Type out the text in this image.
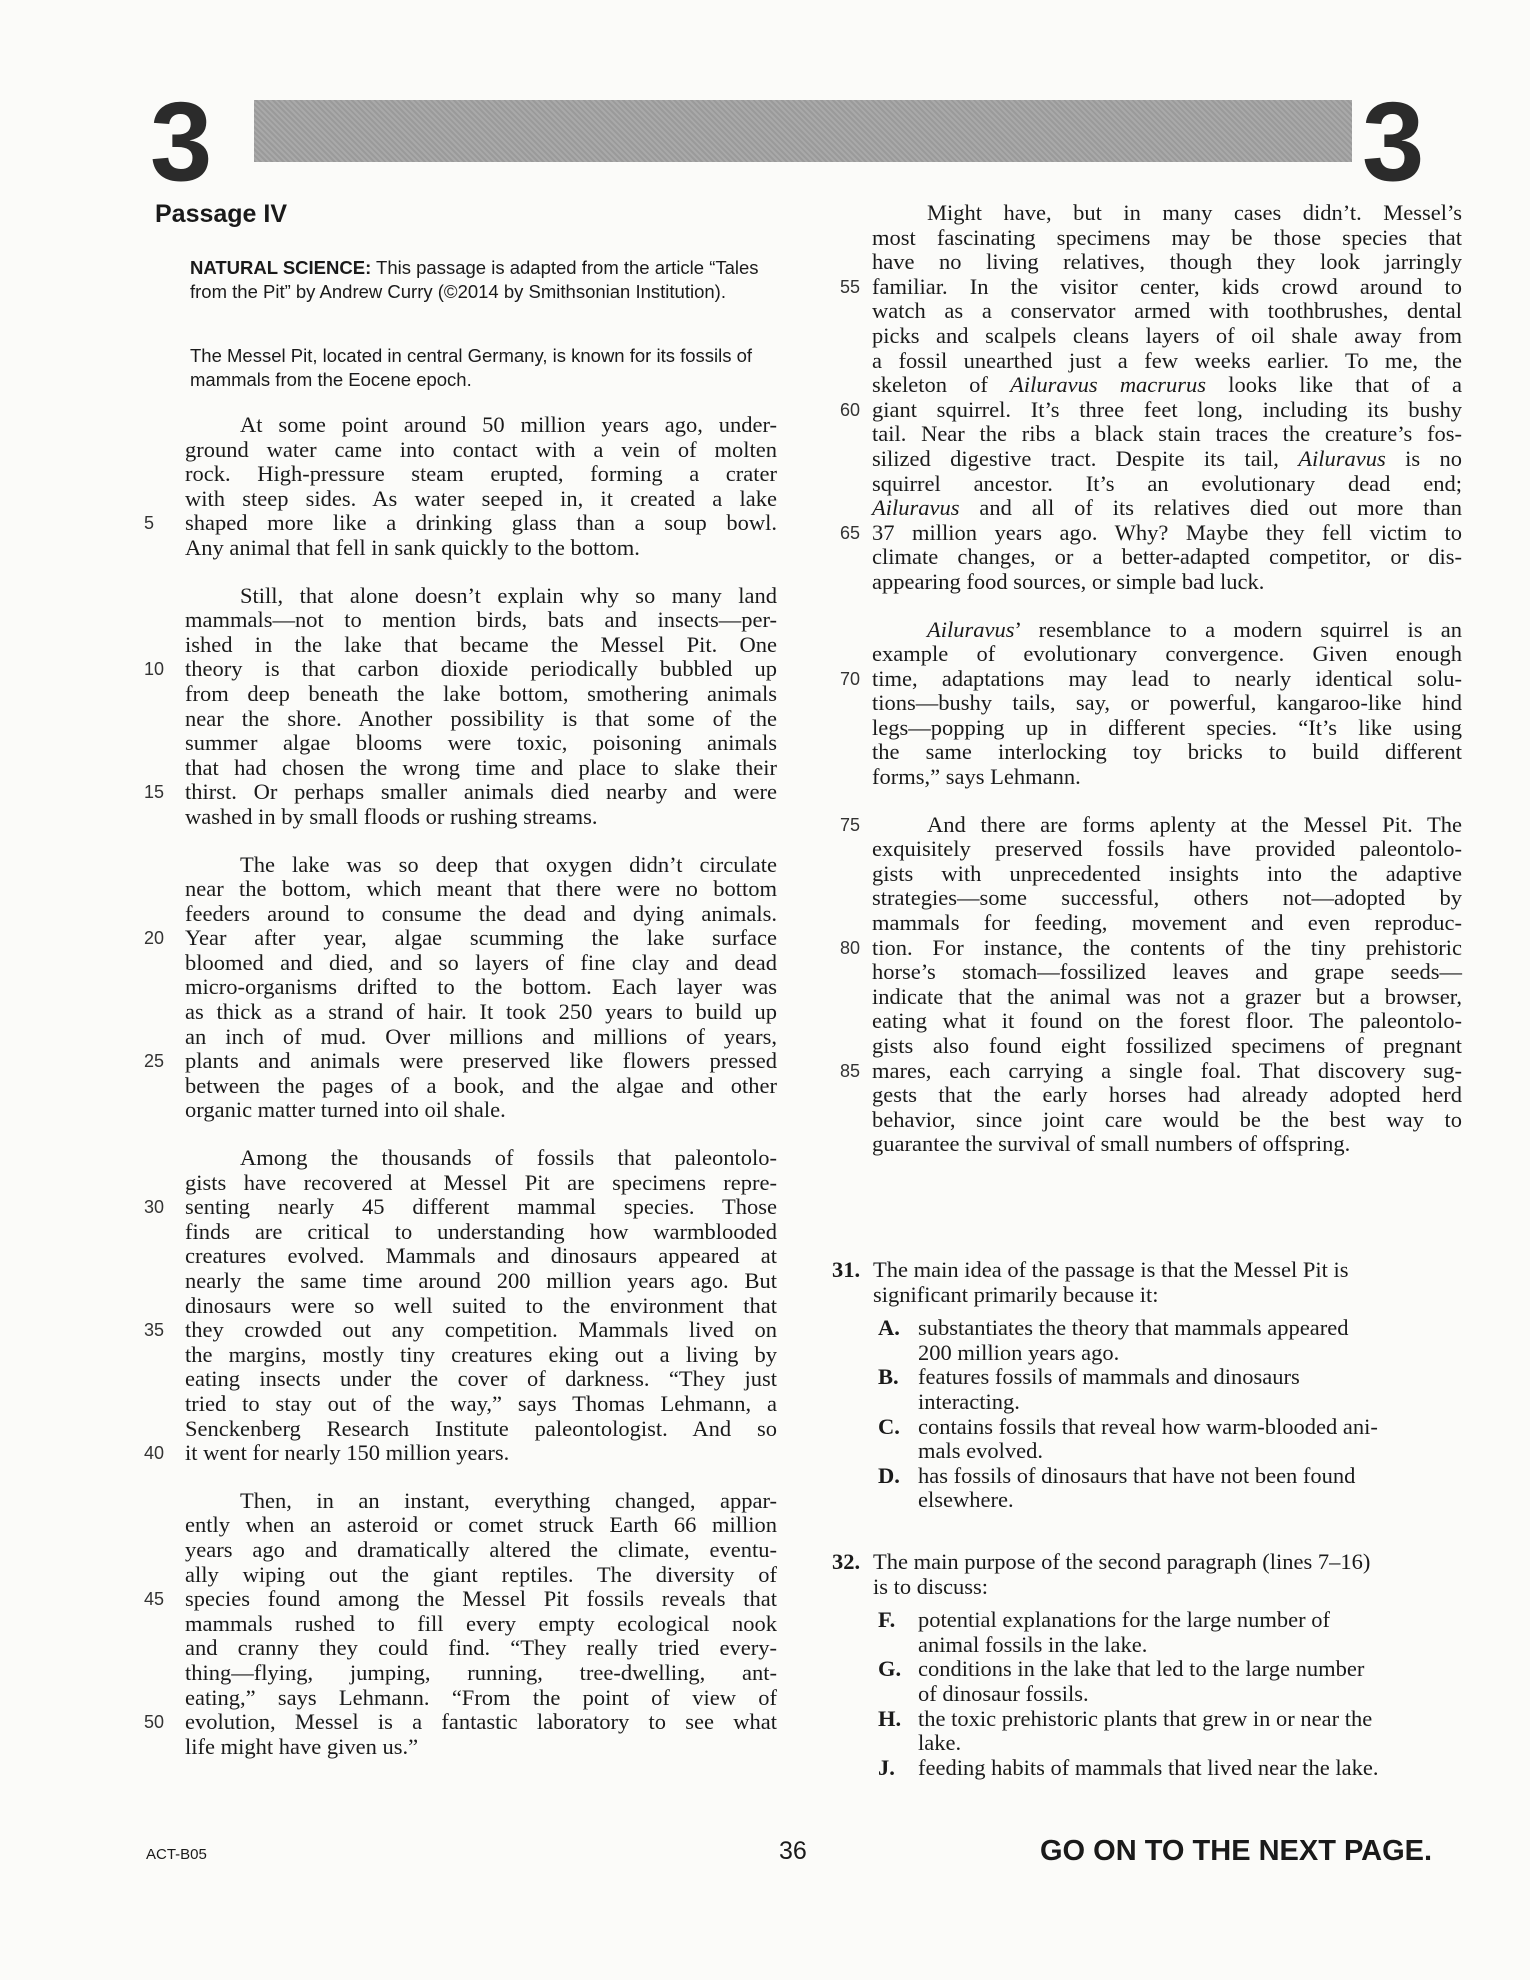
3	3
Passage IV
NATURAL SCIENCE: This passage is adapted from the article “Tales from the Pit” by Andrew Curry (©2014 by Smithsonian Institution).
The Messel Pit, located in central Germany, is known for its fossils of mammals from the Eocene epoch.
At some point around 50 million years ago, under-
ground water came into contact with a vein of molten
rock. High-pressure steam erupted, forming a crater
with steep sides. As water seeped in, it created a lake
shaped more like a drinking glass than a soup bowl.
5
Any animal that fell in sank quickly to the bottom.
Still, that alone doesn’t explain why so many land
mammals—not to mention birds, bats and insects—per-
ished in the lake that became the Messel Pit. One
theory is that carbon dioxide periodically bubbled up
10
from deep beneath the lake bottom, smothering animals
near the shore. Another possibility is that some of the
summer algae blooms were toxic, poisoning animals
that had chosen the wrong time and place to slake their
thirst. Or perhaps smaller animals died nearby and were
15
washed in by small floods or rushing streams.
The lake was so deep that oxygen didn’t circulate
near the bottom, which meant that there were no bottom
feeders around to consume the dead and dying animals.
Year after year, algae scumming the lake surface
20
bloomed and died, and so layers of fine clay and dead
micro-organisms drifted to the bottom. Each layer was
as thick as a strand of hair. It took 250 years to build up
an inch of mud. Over millions and millions of years,
plants and animals were preserved like flowers pressed
25
between the pages of a book, and the algae and other
organic matter turned into oil shale.
Among the thousands of fossils that paleontolo-
gists have recovered at Messel Pit are specimens repre-
senting nearly 45 different mammal species. Those
30
finds are critical to understanding how warmblooded
creatures evolved. Mammals and dinosaurs appeared at
nearly the same time around 200 million years ago. But
dinosaurs were so well suited to the environment that
they crowded out any competition. Mammals lived on
35
the margins, mostly tiny creatures eking out a living by
eating insects under the cover of darkness. “They just
tried to stay out of the way,” says Thomas Lehmann, a
Senckenberg Research Institute paleontologist. And so
it went for nearly 150 million years.
40
Then, in an instant, everything changed, appar-
ently when an asteroid or comet struck Earth 66 million
years ago and dramatically altered the climate, eventu-
ally wiping out the giant reptiles. The diversity of
species found among the Messel Pit fossils reveals that
45
mammals rushed to fill every empty ecological nook
and cranny they could find. “They really tried every-
thing—flying, jumping, running, tree-dwelling, ant-
eating,” says Lehmann. “From the point of view of
evolution, Messel is a fantastic laboratory to see what
50
life might have given us.”
Might have, but in many cases didn’t. Messel’s
most fascinating specimens may be those species that
have no living relatives, though they look jarringly
familiar. In the visitor center, kids crowd around to
55
watch as a conservator armed with toothbrushes, dental
picks and scalpels cleans layers of oil shale away from
a fossil unearthed just a few weeks earlier. To me, the
skeleton of Ailuravus macrurus looks like that of a
giant squirrel. It’s three feet long, including its bushy
60
tail. Near the ribs a black stain traces the creature’s fos-
silized digestive tract. Despite its tail, Ailuravus is no
squirrel ancestor. It’s an evolutionary dead end;
Ailuravus and all of its relatives died out more than
37 million years ago. Why? Maybe they fell victim to
65
climate changes, or a better-adapted competitor, or dis-
appearing food sources, or simple bad luck.
Ailuravus’ resemblance to a modern squirrel is an
example of evolutionary convergence. Given enough
time, adaptations may lead to nearly identical solu-
70
tions—bushy tails, say, or powerful, kangaroo-like hind
legs—popping up in different species. “It’s like using
the same interlocking toy bricks to build different
forms,” says Lehmann.
And there are forms aplenty at the Messel Pit. The
75
exquisitely preserved fossils have provided paleontolo-
gists with unprecedented insights into the adaptive
strategies—some successful, others not—adopted by
mammals for feeding, movement and even reproduc-
tion. For instance, the contents of the tiny prehistoric
80
horse’s stomach—fossilized leaves and grape seeds—
indicate that the animal was not a grazer but a browser,
eating what it found on the forest floor. The paleontolo-
gists also found eight fossilized specimens of pregnant
mares, each carrying a single foal. That discovery sug-
85
gests that the early horses had already adopted herd
behavior, since joint care would be the best way to
guarantee the survival of small numbers of offspring.
31. The main idea of the passage is that the Messel Pit is
significant primarily because it:
A. substantiates the theory that mammals appeared
200 million years ago.
B. features fossils of mammals and dinosaurs
interacting.
C. contains fossils that reveal how warm-blooded ani-
mals evolved.
D. has fossils of dinosaurs that have not been found
elsewhere.
32. The main purpose of the second paragraph (lines 7–16)
is to discuss:
F. potential explanations for the large number of
animal fossils in the lake.
G. conditions in the lake that led to the large number
of dinosaur fossils.
H. the toxic prehistoric plants that grew in or near the
lake.
J. feeding habits of mammals that lived near the lake.
ACT-B05	36	GO ON TO THE NEXT PAGE.
